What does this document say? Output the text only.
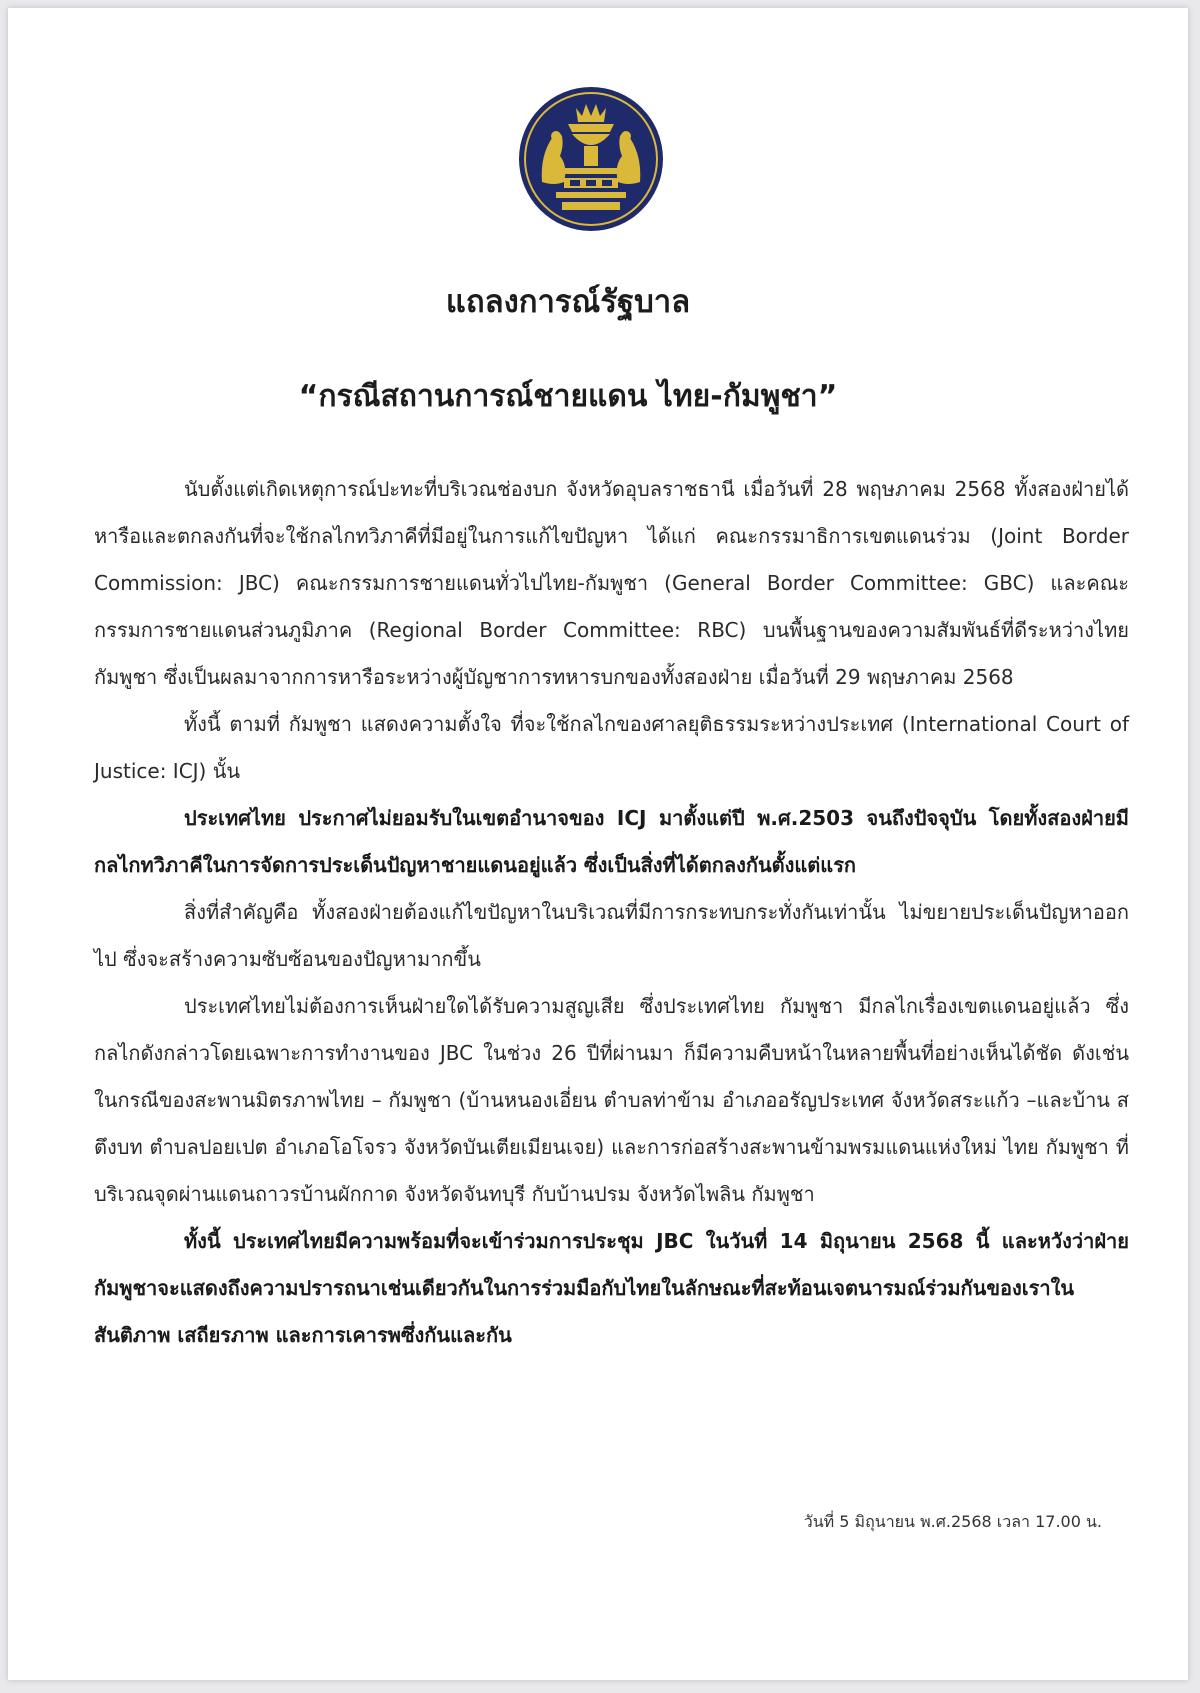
แถลงการณ์รัฐบาล
“กรณีสถานการณ์ชายแดน ไทย-กัมพูชา”

นับตั้งแต่เกิดเหตุการณ์ปะทะที่บริเวณช่องบก จังหวัดอุบลราชธานี เมื่อวันที่ 28 พฤษภาคม 2568 ทั้งสองฝ่ายได้หารือและตกลงกันที่จะใช้กลไกทวิภาคีที่มีอยู่ในการแก้ไขปัญหา ได้แก่ คณะกรรมาธิการเขตแดนร่วม (Joint Border Commission: JBC) คณะกรรมการชายแดนทั่วไปไทย-กัมพูชา (General Border Committee: GBC) และคณะกรรมการชายแดนส่วนภูมิภาค (Regional Border Committee: RBC) บนพื้นฐานของความสัมพันธ์ที่ดีระหว่างไทย กัมพูชา ซึ่งเป็นผลมาจากการหารือระหว่างผู้บัญชาการทหารบกของทั้งสองฝ่าย เมื่อวันที่ 29 พฤษภาคม 2568

ทั้งนี้ ตามที่ กัมพูชา แสดงความตั้งใจ ที่จะใช้กลไกของศาลยุติธรรมระหว่างประเทศ (International Court of Justice: ICJ) นั้น

ประเทศไทย ประกาศไม่ยอมรับในเขตอำนาจของ ICJ มาตั้งแต่ปี พ.ศ.2503 จนถึงปัจจุบัน โดยทั้งสองฝ่ายมีกลไกทวิภาคีในการจัดการประเด็นปัญหาชายแดนอยู่แล้ว ซึ่งเป็นสิ่งที่ได้ตกลงกันตั้งแต่แรก

สิ่งที่สำคัญคือ ทั้งสองฝ่ายต้องแก้ไขปัญหาในบริเวณที่มีการกระทบกระทั่งกันเท่านั้น ไม่ขยายประเด็นปัญหาออกไป ซึ่งจะสร้างความซับซ้อนของปัญหามากขึ้น

ประเทศไทยไม่ต้องการเห็นฝ่ายใดได้รับความสูญเสีย ซึ่งประเทศไทย กัมพูชา มีกลไกเรื่องเขตแดนอยู่แล้ว ซึ่งกลไกดังกล่าวโดยเฉพาะการทำงานของ JBC ในช่วง 26 ปีที่ผ่านมา ก็มีความคืบหน้าในหลายพื้นที่อย่างเห็นได้ชัด ดังเช่นในกรณีของสะพานมิตรภาพไทย – กัมพูชา (บ้านหนองเอี่ยน ตำบลท่าข้าม อำเภออรัญประเทศ จังหวัดสระแก้ว –และบ้าน สตึงบท ตำบลปอยเปต อำเภอโอโจรว จังหวัดบันเตียเมียนเจย) และการก่อสร้างสะพานข้ามพรมแดนแห่งใหม่ ไทย กัมพูชา ที่บริเวณจุดผ่านแดนถาวรบ้านผักกาด จังหวัดจันทบุรี กับบ้านปรม จังหวัดไพลิน กัมพูชา

ทั้งนี้ ประเทศไทยมีความพร้อมที่จะเข้าร่วมการประชุม JBC ในวันที่ 14 มิถุนายน 2568 นี้ และหวังว่าฝ่ายกัมพูชาจะแสดงถึงความปรารถนาเช่นเดียวกันในการร่วมมือกับไทยในลักษณะที่สะท้อนเจตนารมณ์ร่วมกันของเราในสันติภาพ เสถียรภาพ และการเคารพซึ่งกันและกัน

วันที่ 5 มิถุนายน พ.ศ.2568 เวลา 17.00 น.
